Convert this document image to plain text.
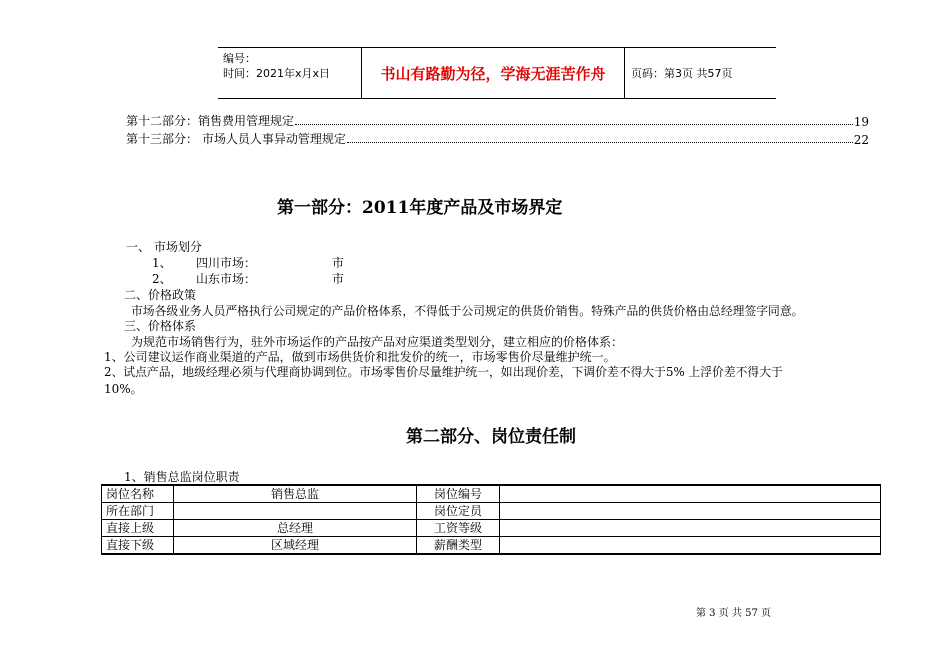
编号：
时间：2021年x月x日	书山有路勤为径，学海无涯苦作舟	页码：第3页 共57页
第十二部分：销售费用管理规定	19
第十三部分： 市场人员人事异动管理规定	22
第一部分：2011年度产品及市场界定
一、 市场划分
1、 四川市场：	市
2、 山东市场：	市
二、价格政策
市场各级业务人员严格执行公司规定的产品价格体系，不得低于公司规定的供货价销售。特殊产品的供货价格由总经理签字同意。
三、价格体系
为规范市场销售行为，驻外市场运作的产品按产品对应渠道类型划分，建立相应的价格体系：
1、公司建议运作商业渠道的产品，做到市场供货价和批发价的统一，市场零售价尽量维护统一。
2、试点产品，地级经理必须与代理商协调到位。市场零售价尽量维护统一，如出现价差，下调价差不得大于5% 上浮价差不得大于
10%。
第二部分、岗位责任制
1、销售总监岗位职责
岗位名称	销售总监	岗位编号	
所在部门		岗位定员	
直接上级	总经理	工资等级	
直接下级	区域经理	薪酬类型	
第 3 页 共 57 页
